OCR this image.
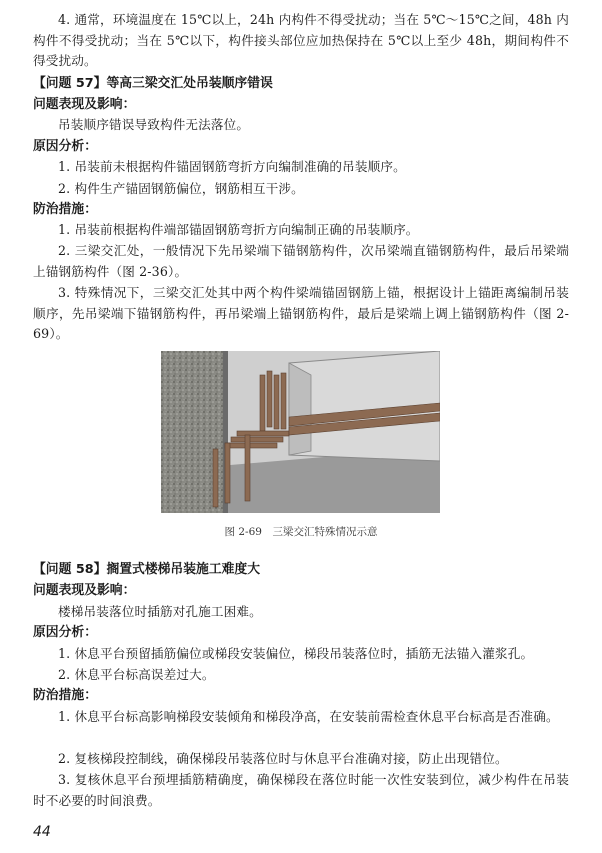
4. 通常，环境温度在 15℃以上，24h 内构件不得受扰动；当在 5℃～15℃之间，48h 内构件不得受扰动；当在 5℃以下，构件接头部位应加热保持在 5℃以上至少 48h，期间构件不得受扰动。

【问题 57】等高三梁交汇处吊装顺序错误
问题表现及影响：

吊装顺序错误导致构件无法落位。

原因分析：

1. 吊装前未根据构件锚固钢筋弯折方向编制准确的吊装顺序。

2. 构件生产锚固钢筋偏位，钢筋相互干涉。

防治措施：

1. 吊装前根据构件端部锚固钢筋弯折方向编制正确的吊装顺序。

2. 三梁交汇处，一般情况下先吊梁端下锚钢筋构件，次吊梁端直锚钢筋构件，最后吊梁端上锚钢筋构件（图 2-36）。

3. 特殊情况下，三梁交汇处其中两个构件梁端锚固钢筋上锚，根据设计上锚距离编制吊装顺序，先吊梁端下锚钢筋构件，再吊梁端上锚钢筋构件，最后是梁端上调上锚钢筋构件（图 2-69）。

图 2-69　三梁交汇特殊情况示意
【问题 58】搁置式楼梯吊装施工难度大
问题表现及影响：

楼梯吊装落位时插筋对孔施工困难。

原因分析：

1. 休息平台预留插筋偏位或梯段安装偏位，梯段吊装落位时，插筋无法锚入灌浆孔。

2. 休息平台标高误差过大。

防治措施：

1. 休息平台标高影响梯段安装倾角和梯段净高，在安装前需检查休息平台标高是否准确。

2. 复核梯段控制线，确保梯段吊装落位时与休息平台准确对接，防止出现错位。

3. 复核休息平台预埋插筋精确度，确保梯段在落位时能一次性安装到位，减少构件在吊装时不必要的时间浪费。

44
